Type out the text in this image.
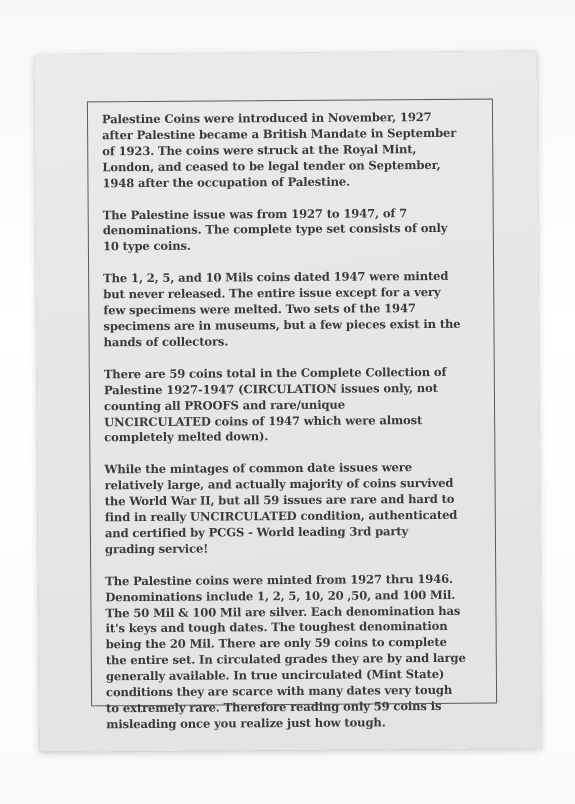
Palestine Coins were introduced in November, 1927
after Palestine became a British Mandate in September
of 1923. The coins were struck at the Royal Mint,
London, and ceased to be legal tender on September,
1948 after the occupation of Palestine.

The Palestine issue was from 1927 to 1947, of 7
denominations. The complete type set consists of only
10 type coins.

The 1, 2, 5, and 10 Mils coins dated 1947 were minted
but never released. The entire issue except for a very
few specimens were melted. Two sets of the 1947
specimens are in museums, but a few pieces exist in the
hands of collectors.

There are 59 coins total in the Complete Collection of
Palestine 1927-1947 (CIRCULATION issues only, not
counting all PROOFS and rare/unique
UNCIRCULATED coins of 1947 which were almost
completely melted down).

While the mintages of common date issues were
relatively large, and actually majority of coins survived
the World War II, but all 59 issues are rare and hard to
find in really UNCIRCULATED condition, authenticated
and certified by PCGS - World leading 3rd party
grading service!

The Palestine coins were minted from 1927 thru 1946.
Denominations include 1, 2, 5, 10, 20 ,50, and 100 Mil.
The 50 Mil & 100 Mil are silver. Each denomination has
it's keys and tough dates. The toughest denomination
being the 20 Mil. There are only 59 coins to complete
the entire set. In circulated grades they are by and large
generally available. In true uncirculated (Mint State)
conditions they are scarce with many dates very tough
to extremely rare. Therefore reading only 59 coins is
misleading once you realize just how tough.
